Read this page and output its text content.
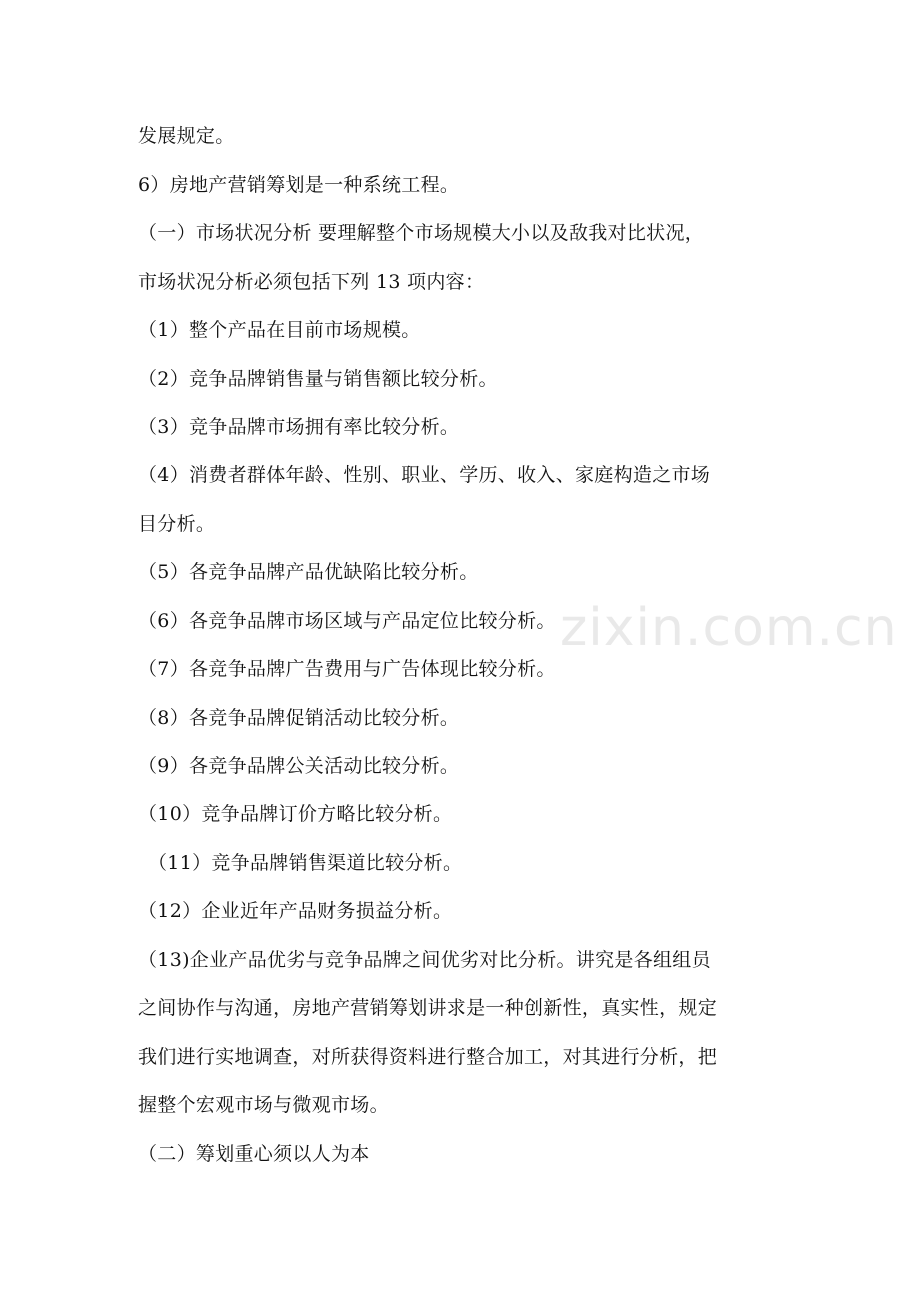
zixin.com.cn
发展规定。
6）房地产营销筹划是一种系统工程。
（一）市场状况分析 要理解整个市场规模大小以及敌我对比状况，
市场状况分析必须包括下列 13 项内容：
（1）整个产品在目前市场规模。
（2）竞争品牌销售量与销售额比较分析。
（3）竞争品牌市场拥有率比较分析。
（4）消费者群体年龄、性别、职业、学历、收入、家庭构造之市场
目分析。
（5）各竞争品牌产品优缺陷比较分析。
（6）各竞争品牌市场区域与产品定位比较分析。
（7）各竞争品牌广告费用与广告体现比较分析。
（8）各竞争品牌促销活动比较分析。
（9）各竞争品牌公关活动比较分析。
（10）竞争品牌订价方略比较分析。
（11）竞争品牌销售渠道比较分析。
（12）企业近年产品财务损益分析。
（13)企业产品优劣与竞争品牌之间优劣对比分析。讲究是各组组员
之间协作与沟通，房地产营销筹划讲求是一种创新性，真实性，规定
我们进行实地调查，对所获得资料进行整合加工，对其进行分析，把
握整个宏观市场与微观市场。
（二）筹划重心须以人为本
